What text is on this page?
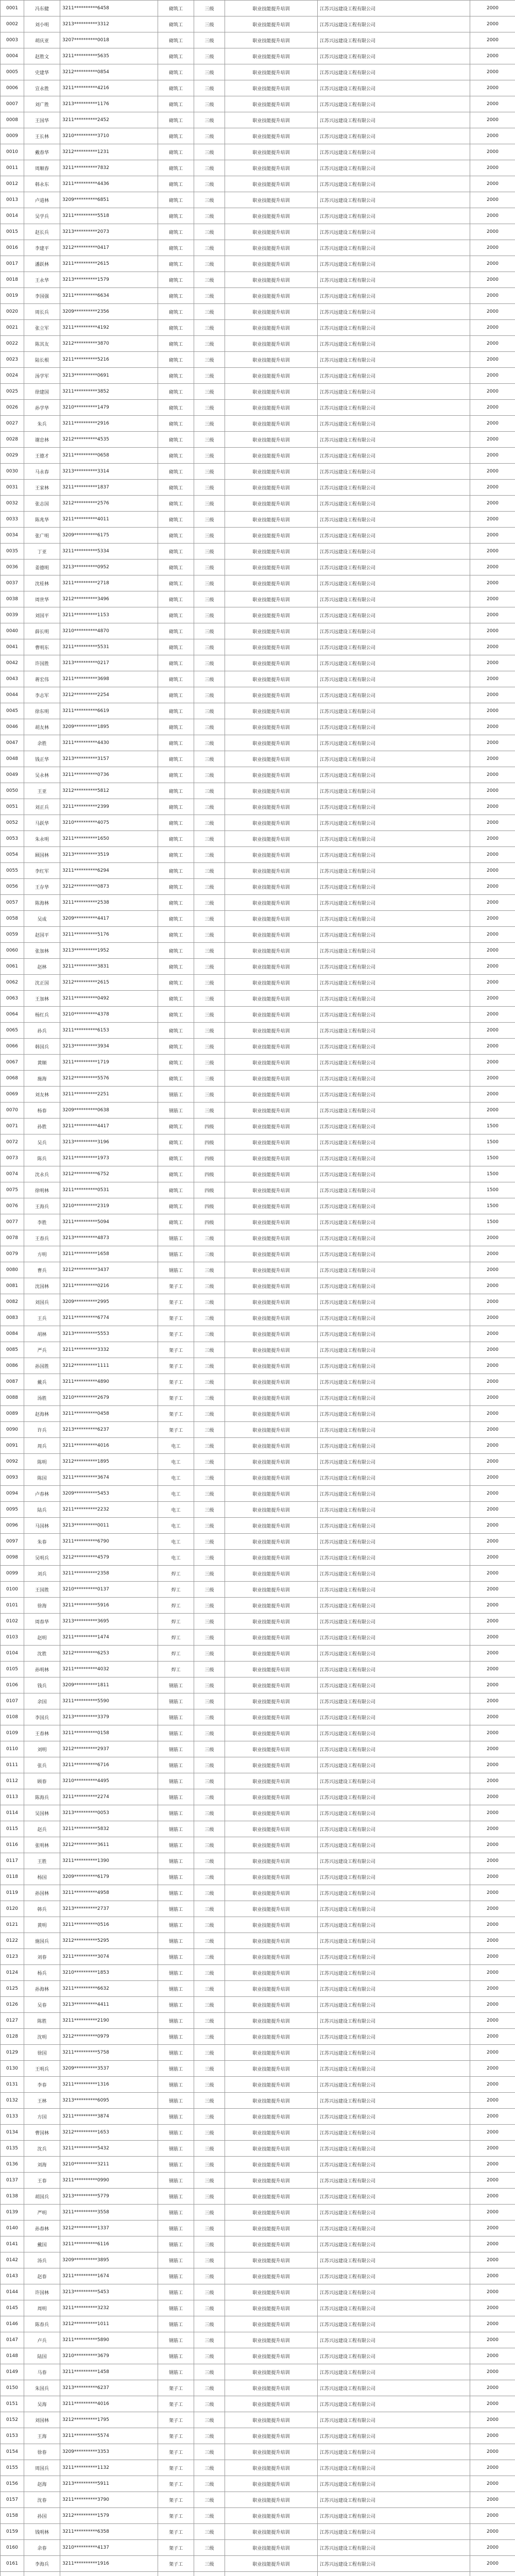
0001	冯东健	3211**********6458	砌筑工	三级	职业技能提升培训	江苏兴远建设工程有限公司	2000
0002	刘小明	3213**********3312	砌筑工	三级	职业技能提升培训	江苏兴远建设工程有限公司	2000
0003	胡庆亚	3207**********0018	砌筑工	三级	职业技能提升培训	江苏兴远建设工程有限公司	2000
0004	赵胜文	3211**********5635	砌筑工	三级	职业技能提升培训	江苏兴远建设工程有限公司	2000
0005	史建华	3212**********0854	砌筑工	三级	职业技能提升培训	江苏兴远建设工程有限公司	2000
0006	宣永胜	3211**********4216	砌筑工	三级	职业技能提升培训	江苏兴远建设工程有限公司	2000
0007	刘广胜	3213**********1176	砌筑工	三级	职业技能提升培训	江苏兴远建设工程有限公司	2000
0008	王国华	3211**********2452	砌筑工	三级	职业技能提升培训	江苏兴远建设工程有限公司	2000
0009	王长林	3210**********3710	砌筑工	三级	职业技能提升培训	江苏兴远建设工程有限公司	2000
0010	戴春华	3212**********1231	砌筑工	三级	职业技能提升培训	江苏兴远建设工程有限公司	2000
0011	周顺春	3211**********7832	砌筑工	三级	职业技能提升培训	江苏兴远建设工程有限公司	2000
0012	韩永东	3211**********4436	砌筑工	三级	职业技能提升培训	江苏兴远建设工程有限公司	2000
0013	卢道林	3209**********6851	砌筑工	三级	职业技能提升培训	江苏兴远建设工程有限公司	2000
0014	吴学兵	3211**********5518	砌筑工	三级	职业技能提升培训	江苏兴远建设工程有限公司	2000
0015	赵长兵	3213**********2073	砌筑工	三级	职业技能提升培训	江苏兴远建设工程有限公司	2000
0016	李建平	3212**********0417	砌筑工	三级	职业技能提升培训	江苏兴远建设工程有限公司	2000
0017	潘跃林	3211**********2615	砌筑工	三级	职业技能提升培训	江苏兴远建设工程有限公司	2000
0018	王永华	3213**********1579	砌筑工	三级	职业技能提升培训	江苏兴远建设工程有限公司	2000
0019	李国强	3211**********6634	砌筑工	三级	职业技能提升培训	江苏兴远建设工程有限公司	2000
0020	周长兵	3209**********2356	砌筑工	三级	职业技能提升培训	江苏兴远建设工程有限公司	2000
0021	张立军	3211**********4192	砌筑工	三级	职业技能提升培训	江苏兴远建设工程有限公司	2000
0022	陈其友	3212**********3870	砌筑工	三级	职业技能提升培训	江苏兴远建设工程有限公司	2000
0023	陆长根	3211**********5216	砌筑工	三级	职业技能提升培训	江苏兴远建设工程有限公司	2000
0024	汤学军	3213**********0691	砌筑工	三级	职业技能提升培训	江苏兴远建设工程有限公司	2000
0025	徐建国	3211**********3852	砌筑工	三级	职业技能提升培训	江苏兴远建设工程有限公司	2000
0026	孙学华	3210**********1479	砌筑工	三级	职业技能提升培训	江苏兴远建设工程有限公司	2000
0027	朱兵	3211**********2916	砌筑工	三级	职业技能提升培训	江苏兴远建设工程有限公司	2000
0028	谢忠林	3212**********4535	砌筑工	三级	职业技能提升培训	江苏兴远建设工程有限公司	2000
0029	王德才	3211**********0658	砌筑工	三级	职业技能提升培训	江苏兴远建设工程有限公司	2000
0030	马永春	3213**********3314	砌筑工	三级	职业技能提升培训	江苏兴远建设工程有限公司	2000
0031	王家林	3211**********1837	砌筑工	三级	职业技能提升培训	江苏兴远建设工程有限公司	2000
0032	张志国	3212**********2576	砌筑工	三级	职业技能提升培训	江苏兴远建设工程有限公司	2000
0033	陈兆华	3211**********4011	砌筑工	三级	职业技能提升培训	江苏兴远建设工程有限公司	2000
0034	张广明	3209**********6175	砌筑工	三级	职业技能提升培训	江苏兴远建设工程有限公司	2000
0035	丁亚	3211**********5334	砌筑工	三级	职业技能提升培训	江苏兴远建设工程有限公司	2000
0036	姜德明	3213**********0952	砌筑工	三级	职业技能提升培训	江苏兴远建设工程有限公司	2000
0037	沈桂林	3211**********2718	砌筑工	三级	职业技能提升培训	江苏兴远建设工程有限公司	2000
0038	周世华	3212**********3496	砌筑工	三级	职业技能提升培训	江苏兴远建设工程有限公司	2000
0039	刘国平	3211**********1153	砌筑工	三级	职业技能提升培训	江苏兴远建设工程有限公司	2000
0040	薛长明	3210**********4870	砌筑工	三级	职业技能提升培训	江苏兴远建设工程有限公司	2000
0041	曹明东	3211**********5531	砌筑工	三级	职业技能提升培训	江苏兴远建设工程有限公司	2000
0042	许国胜	3213**********0217	砌筑工	三级	职业技能提升培训	江苏兴远建设工程有限公司	2000
0043	蒋宏伟	3211**********3698	砌筑工	三级	职业技能提升培训	江苏兴远建设工程有限公司	2000
0044	李志军	3212**********2254	砌筑工	三级	职业技能提升培训	江苏兴远建设工程有限公司	2000
0045	徐东明	3211**********6619	砌筑工	三级	职业技能提升培训	江苏兴远建设工程有限公司	2000
0046	胡友林	3209**********1895	砌筑工	三级	职业技能提升培训	江苏兴远建设工程有限公司	2000
0047	余胜	3211**********4430	砌筑工	三级	职业技能提升培训	江苏兴远建设工程有限公司	2000
0048	钱正华	3213**********3157	砌筑工	三级	职业技能提升培训	江苏兴远建设工程有限公司	2000
0049	吴永林	3211**********0736	砌筑工	三级	职业技能提升培训	江苏兴远建设工程有限公司	2000
0050	王亚	3212**********5812	砌筑工	三级	职业技能提升培训	江苏兴远建设工程有限公司	2000
0051	刘正兵	3211**********2399	砌筑工	三级	职业技能提升培训	江苏兴远建设工程有限公司	2000
0052	马跃华	3210**********4075	砌筑工	三级	职业技能提升培训	江苏兴远建设工程有限公司	2000
0053	朱永明	3211**********1650	砌筑工	三级	职业技能提升培训	江苏兴远建设工程有限公司	2000
0054	顾国林	3213**********3519	砌筑工	三级	职业技能提升培训	江苏兴远建设工程有限公司	2000
0055	李红军	3211**********6294	砌筑工	三级	职业技能提升培训	江苏兴远建设工程有限公司	2000
0056	王存华	3212**********0873	砌筑工	三级	职业技能提升培训	江苏兴远建设工程有限公司	2000
0057	陈海林	3211**********2538	砌筑工	三级	职业技能提升培训	江苏兴远建设工程有限公司	2000
0058	吴成	3209**********4417	砌筑工	三级	职业技能提升培训	江苏兴远建设工程有限公司	2000
0059	赵国平	3211**********5176	砌筑工	三级	职业技能提升培训	江苏兴远建设工程有限公司	2000
0060	张加林	3213**********1952	砌筑工	三级	职业技能提升培训	江苏兴远建设工程有限公司	2000
0061	赵林	3211**********3831	砌筑工	三级	职业技能提升培训	江苏兴远建设工程有限公司	2000
0062	沈正国	3212**********2615	砌筑工	三级	职业技能提升培训	江苏兴远建设工程有限公司	2000
0063	王加林	3211**********0492	砌筑工	三级	职业技能提升培训	江苏兴远建设工程有限公司	2000
0064	杨红兵	3210**********4378	砌筑工	三级	职业技能提升培训	江苏兴远建设工程有限公司	2000
0065	孙兵	3211**********6153	砌筑工	三级	职业技能提升培训	江苏兴远建设工程有限公司	2000
0066	韩国兵	3213**********3934	砌筑工	三级	职业技能提升培训	江苏兴远建设工程有限公司	2000
0067	黄顺	3211**********1719	砌筑工	三级	职业技能提升培训	江苏兴远建设工程有限公司	2000
0068	施海	3212**********5576	砌筑工	三级	职业技能提升培训	江苏兴远建设工程有限公司	2000
0069	刘友林	3211**********2251	钢筋工	三级	职业技能提升培训	江苏兴远建设工程有限公司	2000
0070	杨春	3209**********0638	钢筋工	三级	职业技能提升培训	江苏兴远建设工程有限公司	2000
0071	孙胜	3211**********4417	砌筑工	四级	职业技能提升培训	江苏兴远建设工程有限公司	1500
0072	吴兵	3213**********3196	砌筑工	四级	职业技能提升培训	江苏兴远建设工程有限公司	1500
0073	陈兵	3211**********1973	砌筑工	四级	职业技能提升培训	江苏兴远建设工程有限公司	1500
0074	沈永兵	3212**********6752	砌筑工	四级	职业技能提升培训	江苏兴远建设工程有限公司	1500
0075	徐明林	3211**********0531	砌筑工	四级	职业技能提升培训	江苏兴远建设工程有限公司	1500
0076	王海兵	3210**********2319	砌筑工	四级	职业技能提升培训	江苏兴远建设工程有限公司	1500
0077	李胜	3211**********5094	砌筑工	四级	职业技能提升培训	江苏兴远建设工程有限公司	1500
0078	王春兵	3213**********4873	钢筋工	三级	职业技能提升培训	江苏兴远建设工程有限公司	2000
0079	方明	3211**********1658	钢筋工	三级	职业技能提升培训	江苏兴远建设工程有限公司	2000
0080	曹兵	3212**********3437	钢筋工	三级	职业技能提升培训	江苏兴远建设工程有限公司	2000
0081	沈国林	3211**********0216	架子工	三级	职业技能提升培训	江苏兴远建设工程有限公司	2000
0082	刘国兵	3209**********2995	架子工	三级	职业技能提升培训	江苏兴远建设工程有限公司	2000
0083	王兵	3211**********6774	架子工	三级	职业技能提升培训	江苏兴远建设工程有限公司	2000
0084	胡林	3213**********5553	架子工	三级	职业技能提升培训	江苏兴远建设工程有限公司	2000
0085	严兵	3211**********3332	架子工	三级	职业技能提升培训	江苏兴远建设工程有限公司	2000
0086	孙国胜	3212**********1111	架子工	三级	职业技能提升培训	江苏兴远建设工程有限公司	2000
0087	戴兵	3211**********4890	架子工	三级	职业技能提升培训	江苏兴远建设工程有限公司	2000
0088	汤胜	3210**********2679	架子工	三级	职业技能提升培训	江苏兴远建设工程有限公司	2000
0089	赵海林	3211**********0458	架子工	三级	职业技能提升培训	江苏兴远建设工程有限公司	2000
0090	许兵	3213**********6237	架子工	三级	职业技能提升培训	江苏兴远建设工程有限公司	2000
0091	周兵	3211**********4016	电工	三级	职业技能提升培训	江苏兴远建设工程有限公司	2000
0092	陈明	3212**********1895	电工	三级	职业技能提升培训	江苏兴远建设工程有限公司	2000
0093	陈国	3211**********3674	电工	三级	职业技能提升培训	江苏兴远建设工程有限公司	2000
0094	卢春林	3209**********5453	电工	三级	职业技能提升培训	江苏兴远建设工程有限公司	2000
0095	陆兵	3211**********2232	电工	三级	职业技能提升培训	江苏兴远建设工程有限公司	2000
0096	马国林	3213**********0011	电工	三级	职业技能提升培训	江苏兴远建设工程有限公司	2000
0097	朱春	3211**********6790	电工	三级	职业技能提升培训	江苏兴远建设工程有限公司	2000
0098	吴明兵	3212**********4579	电工	三级	职业技能提升培训	江苏兴远建设工程有限公司	2000
0099	刘兵	3211**********2358	焊工	三级	职业技能提升培训	江苏兴远建设工程有限公司	2000
0100	王国胜	3210**********0137	焊工	三级	职业技能提升培训	江苏兴远建设工程有限公司	2000
0101	徐海	3211**********5916	焊工	三级	职业技能提升培训	江苏兴远建设工程有限公司	2000
0102	周春华	3213**********3695	焊工	三级	职业技能提升培训	江苏兴远建设工程有限公司	2000
0103	赵明	3211**********1474	焊工	三级	职业技能提升培训	江苏兴远建设工程有限公司	2000
0104	沈胜	3212**********6253	焊工	三级	职业技能提升培训	江苏兴远建设工程有限公司	2000
0105	孙明林	3211**********4032	焊工	三级	职业技能提升培训	江苏兴远建设工程有限公司	2000
0106	钱兵	3209**********1811	钢筋工	三级	职业技能提升培训	江苏兴远建设工程有限公司	2000
0107	余国	3211**********5590	钢筋工	三级	职业技能提升培训	江苏兴远建设工程有限公司	2000
0108	李国兵	3213**********3379	钢筋工	三级	职业技能提升培训	江苏兴远建设工程有限公司	2000
0109	王春林	3211**********0158	钢筋工	三级	职业技能提升培训	江苏兴远建设工程有限公司	2000
0110	刘明	3212**********2937	钢筋工	三级	职业技能提升培训	江苏兴远建设工程有限公司	2000
0111	张兵	3211**********6716	钢筋工	三级	职业技能提升培训	江苏兴远建设工程有限公司	2000
0112	顾春	3210**********4495	钢筋工	三级	职业技能提升培训	江苏兴远建设工程有限公司	2000
0113	陈海兵	3211**********2274	钢筋工	三级	职业技能提升培训	江苏兴远建设工程有限公司	2000
0114	吴国林	3213**********0053	钢筋工	三级	职业技能提升培训	江苏兴远建设工程有限公司	2000
0115	赵兵	3211**********5832	钢筋工	三级	职业技能提升培训	江苏兴远建设工程有限公司	2000
0116	张明林	3212**********3611	钢筋工	三级	职业技能提升培训	江苏兴远建设工程有限公司	2000
0117	王胜	3211**********1390	钢筋工	三级	职业技能提升培训	江苏兴远建设工程有限公司	2000
0118	杨国	3209**********6179	钢筋工	三级	职业技能提升培训	江苏兴远建设工程有限公司	2000
0119	孙国林	3211**********4958	钢筋工	三级	职业技能提升培训	江苏兴远建设工程有限公司	2000
0120	韩兵	3213**********2737	钢筋工	三级	职业技能提升培训	江苏兴远建设工程有限公司	2000
0121	黄明	3211**********0516	钢筋工	三级	职业技能提升培训	江苏兴远建设工程有限公司	2000
0122	施国兵	3212**********5295	钢筋工	三级	职业技能提升培训	江苏兴远建设工程有限公司	2000
0123	刘春	3211**********3074	钢筋工	三级	职业技能提升培训	江苏兴远建设工程有限公司	2000
0124	杨兵	3210**********1853	钢筋工	三级	职业技能提升培训	江苏兴远建设工程有限公司	2000
0125	孙海林	3211**********6632	钢筋工	三级	职业技能提升培训	江苏兴远建设工程有限公司	2000
0126	吴春	3213**********4411	钢筋工	三级	职业技能提升培训	江苏兴远建设工程有限公司	2000
0127	陈胜	3211**********2190	钢筋工	三级	职业技能提升培训	江苏兴远建设工程有限公司	2000
0128	沈明	3212**********0979	钢筋工	三级	职业技能提升培训	江苏兴远建设工程有限公司	2000
0129	徐国	3211**********5758	钢筋工	三级	职业技能提升培训	江苏兴远建设工程有限公司	2000
0130	王明兵	3209**********3537	钢筋工	三级	职业技能提升培训	江苏兴远建设工程有限公司	2000
0131	李春	3211**********1316	钢筋工	三级	职业技能提升培训	江苏兴远建设工程有限公司	2000
0132	王林	3213**********6095	钢筋工	三级	职业技能提升培训	江苏兴远建设工程有限公司	2000
0133	方国	3211**********3874	钢筋工	三级	职业技能提升培训	江苏兴远建设工程有限公司	2000
0134	曹国林	3212**********1653	钢筋工	三级	职业技能提升培训	江苏兴远建设工程有限公司	2000
0135	沈兵	3211**********5432	钢筋工	三级	职业技能提升培训	江苏兴远建设工程有限公司	2000
0136	刘海	3210**********3211	钢筋工	三级	职业技能提升培训	江苏兴远建设工程有限公司	2000
0137	王春	3211**********0990	钢筋工	三级	职业技能提升培训	江苏兴远建设工程有限公司	2000
0138	胡国兵	3213**********5779	钢筋工	三级	职业技能提升培训	江苏兴远建设工程有限公司	2000
0139	严明	3211**********3558	钢筋工	三级	职业技能提升培训	江苏兴远建设工程有限公司	2000
0140	孙春林	3212**********1337	钢筋工	三级	职业技能提升培训	江苏兴远建设工程有限公司	2000
0141	戴国	3211**********6116	钢筋工	三级	职业技能提升培训	江苏兴远建设工程有限公司	2000
0142	汤兵	3209**********3895	钢筋工	三级	职业技能提升培训	江苏兴远建设工程有限公司	2000
0143	赵春	3211**********1674	钢筋工	三级	职业技能提升培训	江苏兴远建设工程有限公司	2000
0144	许国林	3213**********5453	钢筋工	三级	职业技能提升培训	江苏兴远建设工程有限公司	2000
0145	周明	3211**********3232	钢筋工	三级	职业技能提升培训	江苏兴远建设工程有限公司	2000
0146	陈春兵	3212**********1011	钢筋工	三级	职业技能提升培训	江苏兴远建设工程有限公司	2000
0147	卢兵	3211**********5890	钢筋工	三级	职业技能提升培训	江苏兴远建设工程有限公司	2000
0148	陆国	3210**********3679	钢筋工	三级	职业技能提升培训	江苏兴远建设工程有限公司	2000
0149	马春	3211**********1458	钢筋工	三级	职业技能提升培训	江苏兴远建设工程有限公司	2000
0150	朱国兵	3213**********6237	架子工	三级	职业技能提升培训	江苏兴远建设工程有限公司	2000
0151	吴海	3211**********4016	架子工	三级	职业技能提升培训	江苏兴远建设工程有限公司	2000
0152	刘国林	3212**********1795	架子工	三级	职业技能提升培训	江苏兴远建设工程有限公司	2000
0153	王海	3211**********5574	架子工	三级	职业技能提升培训	江苏兴远建设工程有限公司	2000
0154	徐春	3209**********3353	架子工	三级	职业技能提升培训	江苏兴远建设工程有限公司	2000
0155	周国兵	3211**********1132	架子工	三级	职业技能提升培训	江苏兴远建设工程有限公司	2000
0156	赵海	3213**********5911	架子工	三级	职业技能提升培训	江苏兴远建设工程有限公司	2000
0157	沈春	3211**********3790	架子工	三级	职业技能提升培训	江苏兴远建设工程有限公司	2000
0158	孙国	3212**********1579	架子工	三级	职业技能提升培训	江苏兴远建设工程有限公司	2000
0159	钱明林	3211**********6358	架子工	三级	职业技能提升培训	江苏兴远建设工程有限公司	2000
0160	余春	3210**********4137	架子工	三级	职业技能提升培训	江苏兴远建设工程有限公司	2000
0161	李海兵	3211**********1916	架子工	三级	职业技能提升培训	江苏兴远建设工程有限公司	2000
